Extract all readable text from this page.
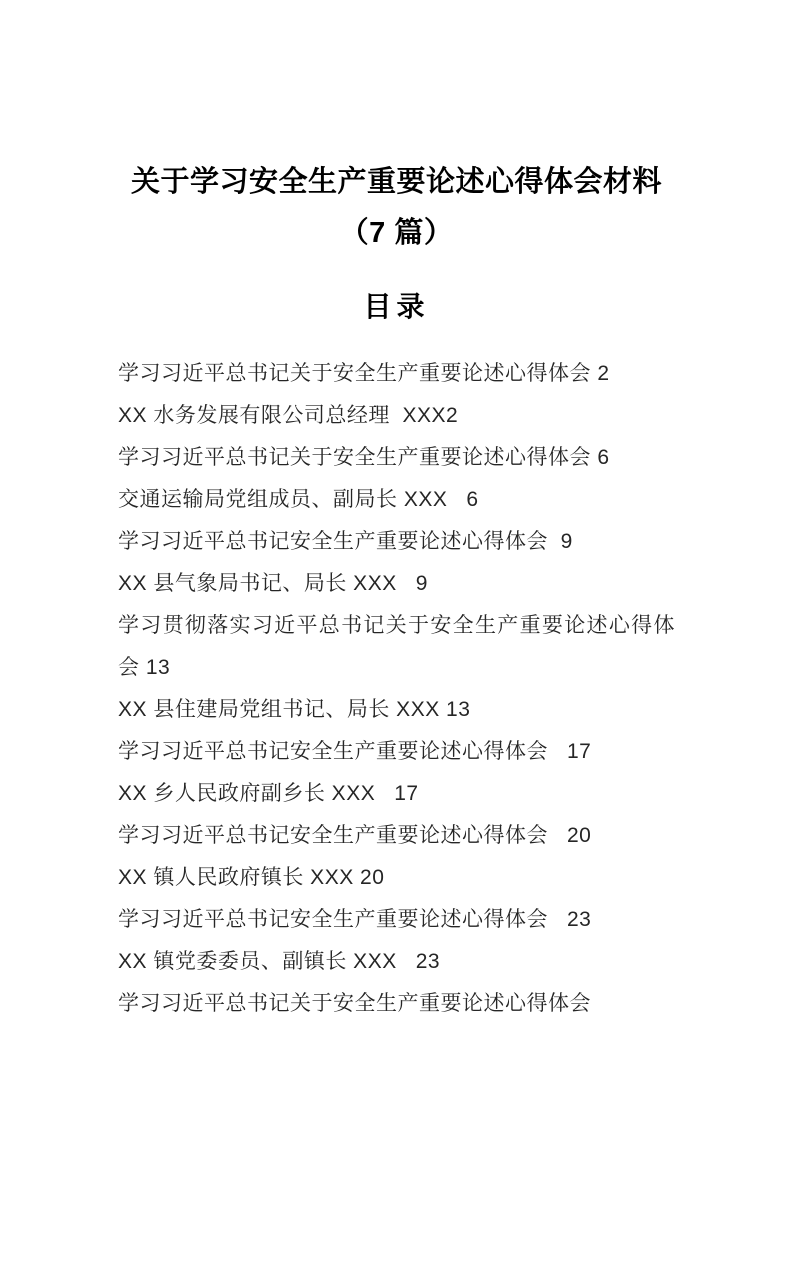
关于学习安全生产重要论述心得体会材料
（7 篇）
目录

学习习近平总书记关于安全生产重要论述心得体会 2

XX 水务发展有限公司总经理  XXX2

学习习近平总书记关于安全生产重要论述心得体会 6

交通运输局党组成员、副局长 XXX   6

学习习近平总书记安全生产重要论述心得体会  9

XX 县气象局书记、局长 XXX   9

学习贯彻落实习近平总书记关于安全生产重要论述心得体会 13

XX 县住建局党组书记、局长 XXX 13

学习习近平总书记安全生产重要论述心得体会   17

XX 乡人民政府副乡长 XXX   17

学习习近平总书记安全生产重要论述心得体会   20

XX 镇人民政府镇长 XXX 20

学习习近平总书记安全生产重要论述心得体会   23

XX 镇党委委员、副镇长 XXX   23

学习习近平总书记关于安全生产重要论述心得体会
